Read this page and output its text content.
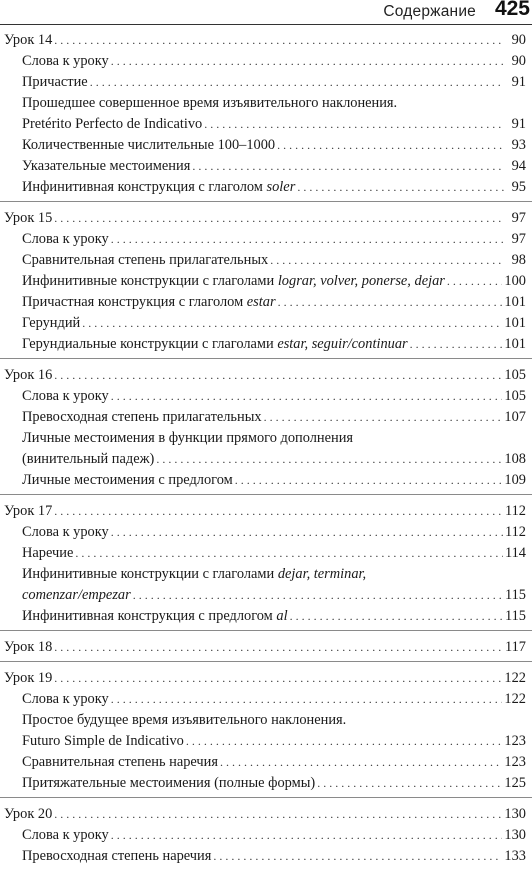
Содержание 425
Урок 14 . . .	90
Слова к уроку . . .	90
Причастие . . .	91
Прошедшее совершенное время изъявительного наклонения.
Pretérito Perfecto de Indicativo . . .	91
Количественные числительные 100–1000 . . .	93
Указательные местоимения . . .	94
Инфинитивная конструкция с глаголом soler . . .	95
Урок 15 . . .	97
Слова к уроку . . .	97
Сравнительная степень прилагательных . . .	98
Инфинитивные конструкции с глаголами lograr, volver, ponerse, dejar . . .	100
Причастная конструкция с глаголом estar . . .	101
Герундий . . .	101
Герундиальные конструкции с глаголами estar, seguir/continuar . . .	101
Урок 16 . . .	105
Слова к уроку . . .	105
Превосходная степень прилагательных . . .	107
Личные местоимения в функции прямого дополнения
(винительный падеж) . . .	108
Личные местоимения с предлогом . . .	109
Урок 17 . . .	112
Слова к уроку . . .	112
Наречие . . .	114
Инфинитивные конструкции с глаголами dejar, terminar,
comenzar/empezar . . .	115
Инфинитивная конструкция с предлогом al . . .	115
Урок 18 . . .	117
Урок 19 . . .	122
Слова к уроку . . .	122
Простое будущее время изъявительного наклонения.
Futuro Simple de Indicativo . . .	123
Сравнительная степень наречия . . .	123
Притяжательные местоимения (полные формы) . . .	125
Урок 20 . . .	130
Слова к уроку . . .	130
Превосходная степень наречия . . .	133
